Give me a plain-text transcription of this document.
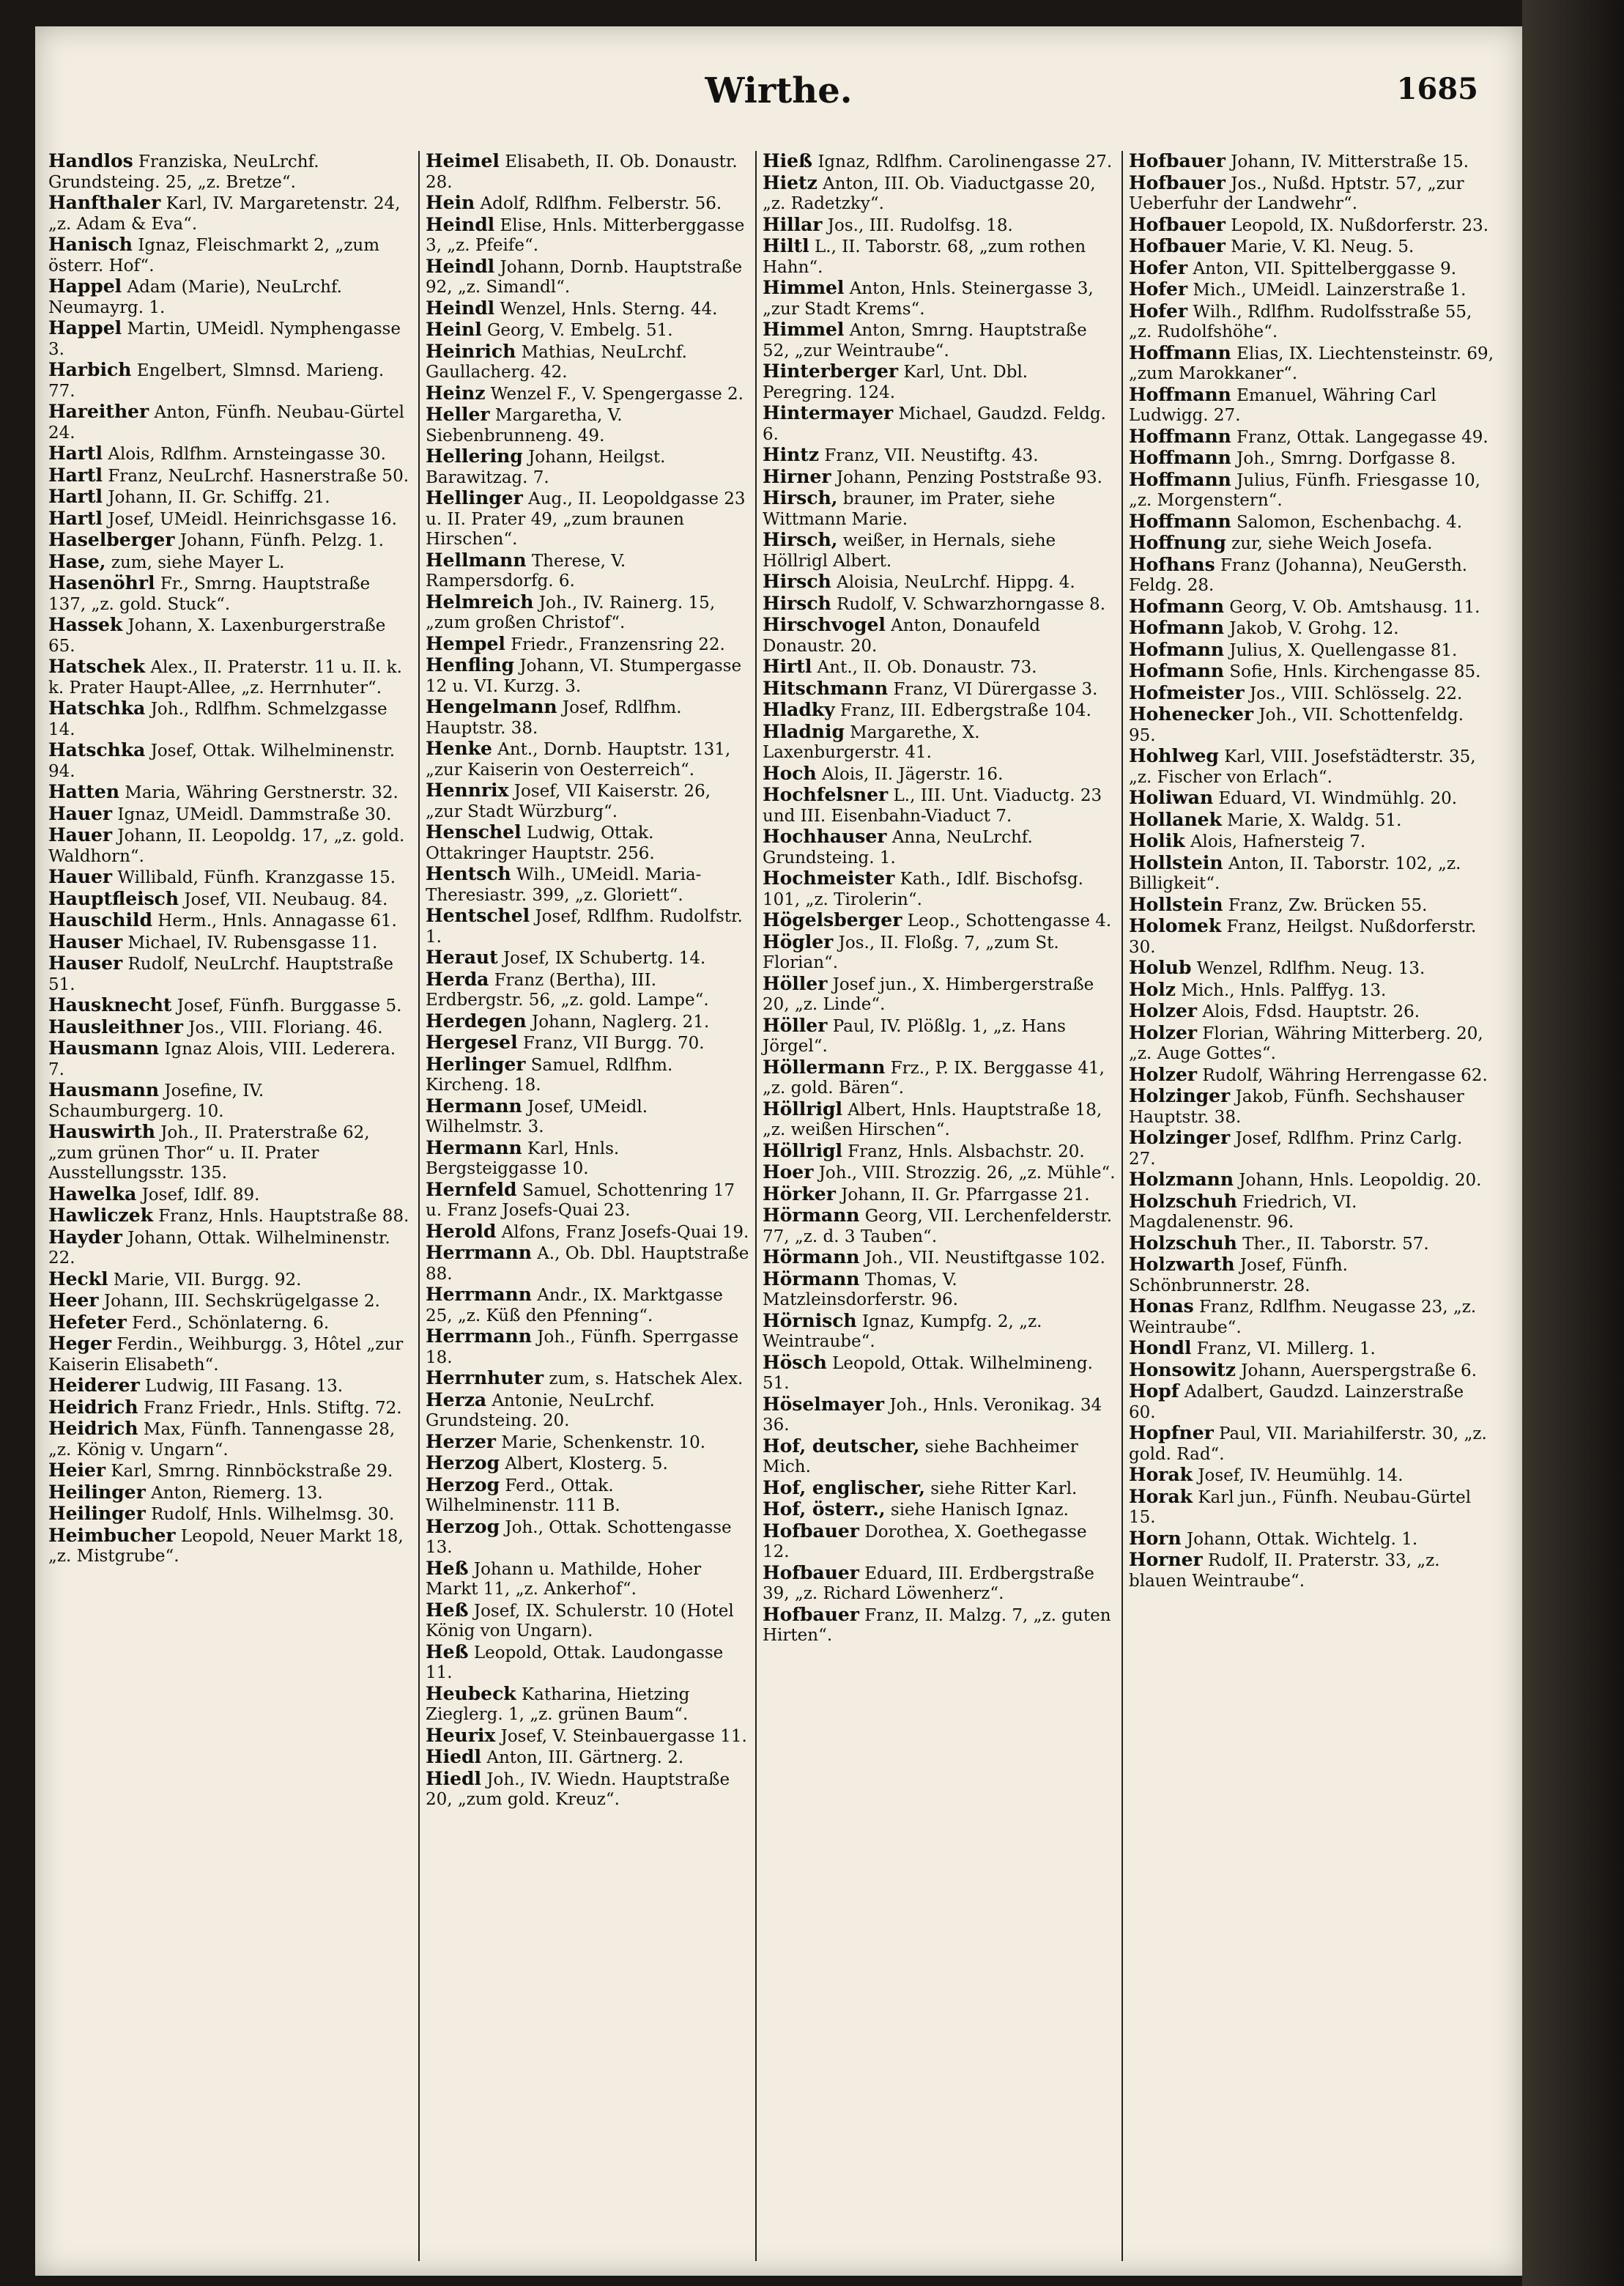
Wirthe.	1685
Handlos Franziska, NeuLrchf. Grundsteing. 25, „z. Bretze“.
Hanfthaler Karl, IV. Margaretenstr. 24, „z. Adam & Eva“.
Hanisch Ignaz, Fleischmarkt 2, „zum österr. Hof“.
Happel Adam (Marie), NeuLrchf. Neumayrg. 1.
Happel Martin, UMeidl. Nymphengasse 3.
Harbich Engelbert, Slmnsd. Marieng. 77.
Hareither Anton, Fünfh. Neubau-Gürtel 24.
Hartl Alois, Rdlfhm. Arnsteingasse 30.
Hartl Franz, NeuLrchf. Hasnerstraße 50.
Hartl Johann, II. Gr. Schiffg. 21.
Hartl Josef, UMeidl. Heinrichsgasse 16.
Haselberger Johann, Fünfh. Pelzg. 1.
Hase, zum, siehe Mayer L.
Hasenöhrl Fr., Smrng. Hauptstraße 137, „z. gold. Stuck“.
Hassek Johann, X. Laxenburgerstraße 65.
Hatschek Alex., II. Praterstr. 11 u. II. k. k. Prater Haupt-Allee, „z. Herrnhuter“.
Hatschka Joh., Rdlfhm. Schmelzgasse 14.
Hatschka Josef, Ottak. Wilhelminenstr. 94.
Hatten Maria, Währing Gerstnerstr. 32.
Hauer Ignaz, UMeidl. Dammstraße 30.
Hauer Johann, II. Leopoldg. 17, „z. gold. Waldhorn“.
Hauer Willibald, Fünfh. Kranzgasse 15.
Hauptfleisch Josef, VII. Neubaug. 84.
Hauschild Herm., Hnls. Annagasse 61.
Hauser Michael, IV. Rubensgasse 11.
Hauser Rudolf, NeuLrchf. Hauptstraße 51.
Hausknecht Josef, Fünfh. Burggasse 5.
Hausleithner Jos., VIII. Floriang. 46.
Hausmann Ignaz Alois, VIII. Lederera. 7.
Hausmann Josefine, IV. Schaumburgerg. 10.
Hauswirth Joh., II. Praterstraße 62, „zum grünen Thor“ u. II. Prater Ausstellungsstr. 135.
Hawelka Josef, Idlf. 89.
Hawliczek Franz, Hnls. Hauptstraße 88.
Hayder Johann, Ottak. Wilhelminenstr. 22.
Heckl Marie, VII. Burgg. 92.
Heer Johann, III. Sechskrügelgasse 2.
Hefeter Ferd., Schönlaterng. 6.
Heger Ferdin., Weihburgg. 3, Hôtel „zur Kaiserin Elisabeth“.
Heiderer Ludwig, III Fasang. 13.
Heidrich Franz Friedr., Hnls. Stiftg. 72.
Heidrich Max, Fünfh. Tannengasse 28, „z. König v. Ungarn“.
Heier Karl, Smrng. Rinnböckstraße 29.
Heilinger Anton, Riemerg. 13.
Heilinger Rudolf, Hnls. Wilhelmsg. 30.
Heimbucher Leopold, Neuer Markt 18, „z. Mistgrube“.
Heimel Elisabeth, II. Ob. Donaustr. 28.
Hein Adolf, Rdlfhm. Felberstr. 56.
Heindl Elise, Hnls. Mitterberggasse 3, „z. Pfeife“.
Heindl Johann, Dornb. Hauptstraße 92, „z. Simandl“.
Heindl Wenzel, Hnls. Sterng. 44.
Heinl Georg, V. Embelg. 51.
Heinrich Mathias, NeuLrchf. Gaullacherg. 42.
Heinz Wenzel F., V. Spengergasse 2.
Heller Margaretha, V. Siebenbrunneng. 49.
Hellering Johann, Heilgst. Barawitzag. 7.
Hellinger Aug., II. Leopoldgasse 23 u. II. Prater 49, „zum braunen Hirschen“.
Hellmann Therese, V. Rampersdorfg. 6.
Helmreich Joh., IV. Rainerg. 15, „zum großen Christof“.
Hempel Friedr., Franzensring 22.
Henfling Johann, VI. Stumpergasse 12 u. VI. Kurzg. 3.
Hengelmann Josef, Rdlfhm. Hauptstr. 38.
Henke Ant., Dornb. Hauptstr. 131, „zur Kaiserin von Oesterreich“.
Hennrix Josef, VII Kaiserstr. 26, „zur Stadt Würzburg“.
Henschel Ludwig, Ottak. Ottakringer Hauptstr. 256.
Hentsch Wilh., UMeidl. Maria-Theresiastr. 399, „z. Gloriett“.
Hentschel Josef, Rdlfhm. Rudolfstr. 1.
Heraut Josef, IX Schubertg. 14.
Herda Franz (Bertha), III. Erdbergstr. 56, „z. gold. Lampe“.
Herdegen Johann, Naglerg. 21.
Hergesel Franz, VII Burgg. 70.
Herlinger Samuel, Rdlfhm. Kircheng. 18.
Hermann Josef, UMeidl. Wilhelmstr. 3.
Hermann Karl, Hnls. Bergsteiggasse 10.
Hernfeld Samuel, Schottenring 17 u. Franz Josefs-Quai 23.
Herold Alfons, Franz Josefs-Quai 19.
Herrmann A., Ob. Dbl. Hauptstraße 88.
Herrmann Andr., IX. Marktgasse 25, „z. Küß den Pfenning“.
Herrmann Joh., Fünfh. Sperrgasse 18.
Herrnhuter zum, s. Hatschek Alex.
Herza Antonie, NeuLrchf. Grundsteing. 20.
Herzer Marie, Schenkenstr. 10.
Herzog Albert, Klosterg. 5.
Herzog Ferd., Ottak. Wilhelminenstr. 111 B.
Herzog Joh., Ottak. Schottengasse 13.
Heß Johann u. Mathilde, Hoher Markt 11, „z. Ankerhof“.
Heß Josef, IX. Schulerstr. 10 (Hotel König von Ungarn).
Heß Leopold, Ottak. Laudongasse 11.
Heubeck Katharina, Hietzing Zieglerg. 1, „z. grünen Baum“.
Heurix Josef, V. Steinbauergasse 11.
Hiedl Anton, III. Gärtnerg. 2.
Hiedl Joh., IV. Wiedn. Hauptstraße 20, „zum gold. Kreuz“.
Hieß Ignaz, Rdlfhm. Carolinengasse 27.
Hietz Anton, III. Ob. Viaductgasse 20, „z. Radetzky“.
Hillar Jos., III. Rudolfsg. 18.
Hiltl L., II. Taborstr. 68, „zum rothen Hahn“.
Himmel Anton, Hnls. Steinergasse 3, „zur Stadt Krems“.
Himmel Anton, Smrng. Hauptstraße 52, „zur Weintraube“.
Hinterberger Karl, Unt. Dbl. Peregring. 124.
Hintermayer Michael, Gaudzd. Feldg. 6.
Hintz Franz, VII. Neustiftg. 43.
Hirner Johann, Penzing Poststraße 93.
Hirsch, brauner, im Prater, siehe Wittmann Marie.
Hirsch, weißer, in Hernals, siehe Höllrigl Albert.
Hirsch Aloisia, NeuLrchf. Hippg. 4.
Hirsch Rudolf, V. Schwarzhorngasse 8.
Hirschvogel Anton, Donaufeld Donaustr. 20.
Hirtl Ant., II. Ob. Donaustr. 73.
Hitschmann Franz, VI Dürergasse 3.
Hladky Franz, III. Edbergstraße 104.
Hladnig Margarethe, X. Laxenburgerstr. 41.
Hoch Alois, II. Jägerstr. 16.
Hochfelsner L., III. Unt. Viaductg. 23 und III. Eisenbahn-Viaduct 7.
Hochhauser Anna, NeuLrchf. Grundsteing. 1.
Hochmeister Kath., Idlf. Bischofsg. 101, „z. Tirolerin“.
Högelsberger Leop., Schottengasse 4.
Högler Jos., II. Floßg. 7, „zum St. Florian“.
Höller Josef jun., X. Himbergerstraße 20, „z. Linde“.
Höller Paul, IV. Plößlg. 1, „z. Hans Jörgel“.
Höllermann Frz., P. IX. Berggasse 41, „z. gold. Bären“.
Höllrigl Albert, Hnls. Hauptstraße 18, „z. weißen Hirschen“.
Höllrigl Franz, Hnls. Alsbachstr. 20.
Hoer Joh., VIII. Strozzig. 26, „z. Mühle“.
Hörker Johann, II. Gr. Pfarrgasse 21.
Hörmann Georg, VII. Lerchenfelderstr. 77, „z. d. 3 Tauben“.
Hörmann Joh., VII. Neustiftgasse 102.
Hörmann Thomas, V. Matzleinsdorferstr. 96.
Hörnisch Ignaz, Kumpfg. 2, „z. Weintraube“.
Hösch Leopold, Ottak. Wilhelmineng. 51.
Höselmayer Joh., Hnls. Veronikag. 34 36.
Hof, deutscher, siehe Bachheimer Mich.
Hof, englischer, siehe Ritter Karl.
Hof, österr., siehe Hanisch Ignaz.
Hofbauer Dorothea, X. Goethegasse 12.
Hofbauer Eduard, III. Erdbergstraße 39, „z. Richard Löwenherz“.
Hofbauer Franz, II. Malzg. 7, „z. guten Hirten“.
Hofbauer Johann, IV. Mitterstraße 15.
Hofbauer Jos., Nußd. Hptstr. 57, „zur Ueberfuhr der Landwehr“.
Hofbauer Leopold, IX. Nußdorferstr. 23.
Hofbauer Marie, V. Kl. Neug. 5.
Hofer Anton, VII. Spittelberggasse 9.
Hofer Mich., UMeidl. Lainzerstraße 1.
Hofer Wilh., Rdlfhm. Rudolfsstraße 55, „z. Rudolfshöhe“.
Hoffmann Elias, IX. Liechtensteinstr. 69, „zum Marokkaner“.
Hoffmann Emanuel, Währing Carl Ludwigg. 27.
Hoffmann Franz, Ottak. Langegasse 49.
Hoffmann Joh., Smrng. Dorfgasse 8.
Hoffmann Julius, Fünfh. Friesgasse 10, „z. Morgenstern“.
Hoffmann Salomon, Eschenbachg. 4.
Hoffnung zur, siehe Weich Josefa.
Hofhans Franz (Johanna), NeuGersth. Feldg. 28.
Hofmann Georg, V. Ob. Amtshausg. 11.
Hofmann Jakob, V. Grohg. 12.
Hofmann Julius, X. Quellengasse 81.
Hofmann Sofie, Hnls. Kirchengasse 85.
Hofmeister Jos., VIII. Schlösselg. 22.
Hohenecker Joh., VII. Schottenfeldg. 95.
Hohlweg Karl, VIII. Josefstädterstr. 35, „z. Fischer von Erlach“.
Holiwan Eduard, VI. Windmühlg. 20.
Hollanek Marie, X. Waldg. 51.
Holik Alois, Hafnersteig 7.
Hollstein Anton, II. Taborstr. 102, „z. Billigkeit“.
Hollstein Franz, Zw. Brücken 55.
Holomek Franz, Heilgst. Nußdorferstr. 30.
Holub Wenzel, Rdlfhm. Neug. 13.
Holz Mich., Hnls. Palffyg. 13.
Holzer Alois, Fdsd. Hauptstr. 26.
Holzer Florian, Währing Mitterberg. 20, „z. Auge Gottes“.
Holzer Rudolf, Währing Herrengasse 62.
Holzinger Jakob, Fünfh. Sechshauser Hauptstr. 38.
Holzinger Josef, Rdlfhm. Prinz Carlg. 27.
Holzmann Johann, Hnls. Leopoldig. 20.
Holzschuh Friedrich, VI. Magdalenenstr. 96.
Holzschuh Ther., II. Taborstr. 57.
Holzwarth Josef, Fünfh. Schönbrunnerstr. 28.
Honas Franz, Rdlfhm. Neugasse 23, „z. Weintraube“.
Hondl Franz, VI. Millerg. 1.
Honsowitz Johann, Auerspergstraße 6.
Hopf Adalbert, Gaudzd. Lainzerstraße 60.
Hopfner Paul, VII. Mariahilferstr. 30, „z. gold. Rad“.
Horak Josef, IV. Heumühlg. 14.
Horak Karl jun., Fünfh. Neubau-Gürtel 15.
Horn Johann, Ottak. Wichtelg. 1.
Horner Rudolf, II. Praterstr. 33, „z. blauen Weintraube“.
